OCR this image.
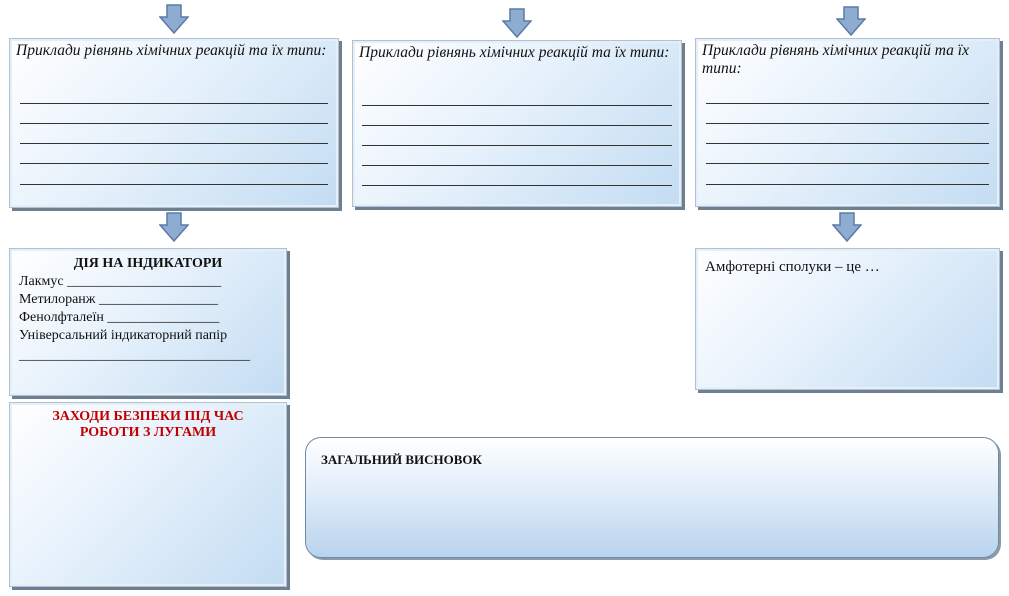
Приклади рівнянь хімічних реакцій та їх типи:	Приклади рівнянь хімічних реакцій та їх типи:	Приклади рівнянь хімічних реакцій та їх типи:
ДІЯ НА ІНДИКАТОРИ
Лакмус ______________________
Метилоранж _________________
Фенолфталеїн ________________
Універсальний індикаторний папір
_________________________________
Амфотерні сполуки – це …
ЗАХОДИ БЕЗПЕКИ ПІД ЧАС РОБОТИ З ЛУГАМИ
ЗАГАЛЬНИЙ ВИСНОВОК
